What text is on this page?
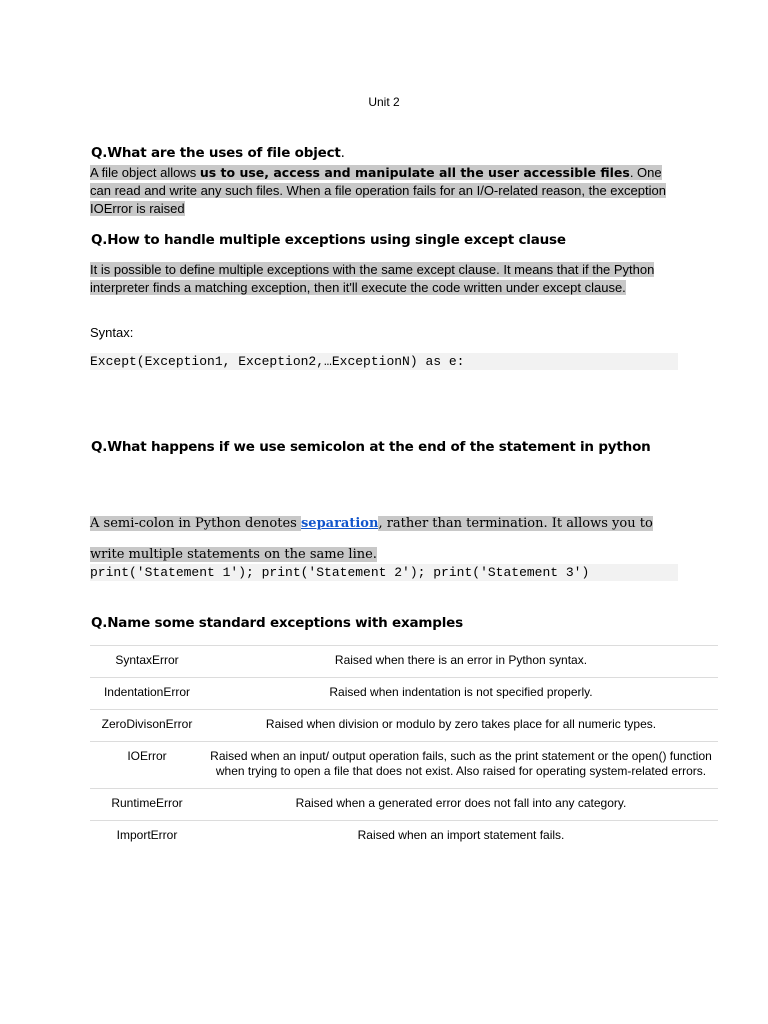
Unit 2
Q.What are the uses of file object.
A file object allows us to use, access and manipulate all the user accessible files. One can read and write any such files. When a file operation fails for an I/O-related reason, the exception IOError is raised
Q.How to handle multiple exceptions using single except clause
It is possible to define multiple exceptions with the same except clause. It means that if the Python interpreter finds a matching exception, then it'll execute the code written under except clause.
Syntax:
Except(Exception1, Exception2,…ExceptionN) as e:
Q.What happens if we use semicolon at the end of the statement in python
A semi-colon in Python denotes separation, rather than termination. It allows you to write multiple statements on the same line.
print('Statement 1'); print('Statement 2'); print('Statement 3')
Q.Name some standard exceptions with examples
SyntaxError	Raised when there is an error in Python syntax.
IndentationError	Raised when indentation is not specified properly.
ZeroDivisonError	Raised when division or modulo by zero takes place for all numeric types.
IOError	Raised when an input/ output operation fails, such as the print statement or the open() function when trying to open a file that does not exist. Also raised for operating system-related errors.
RuntimeError	Raised when a generated error does not fall into any category.
ImportError	Raised when an import statement fails.
